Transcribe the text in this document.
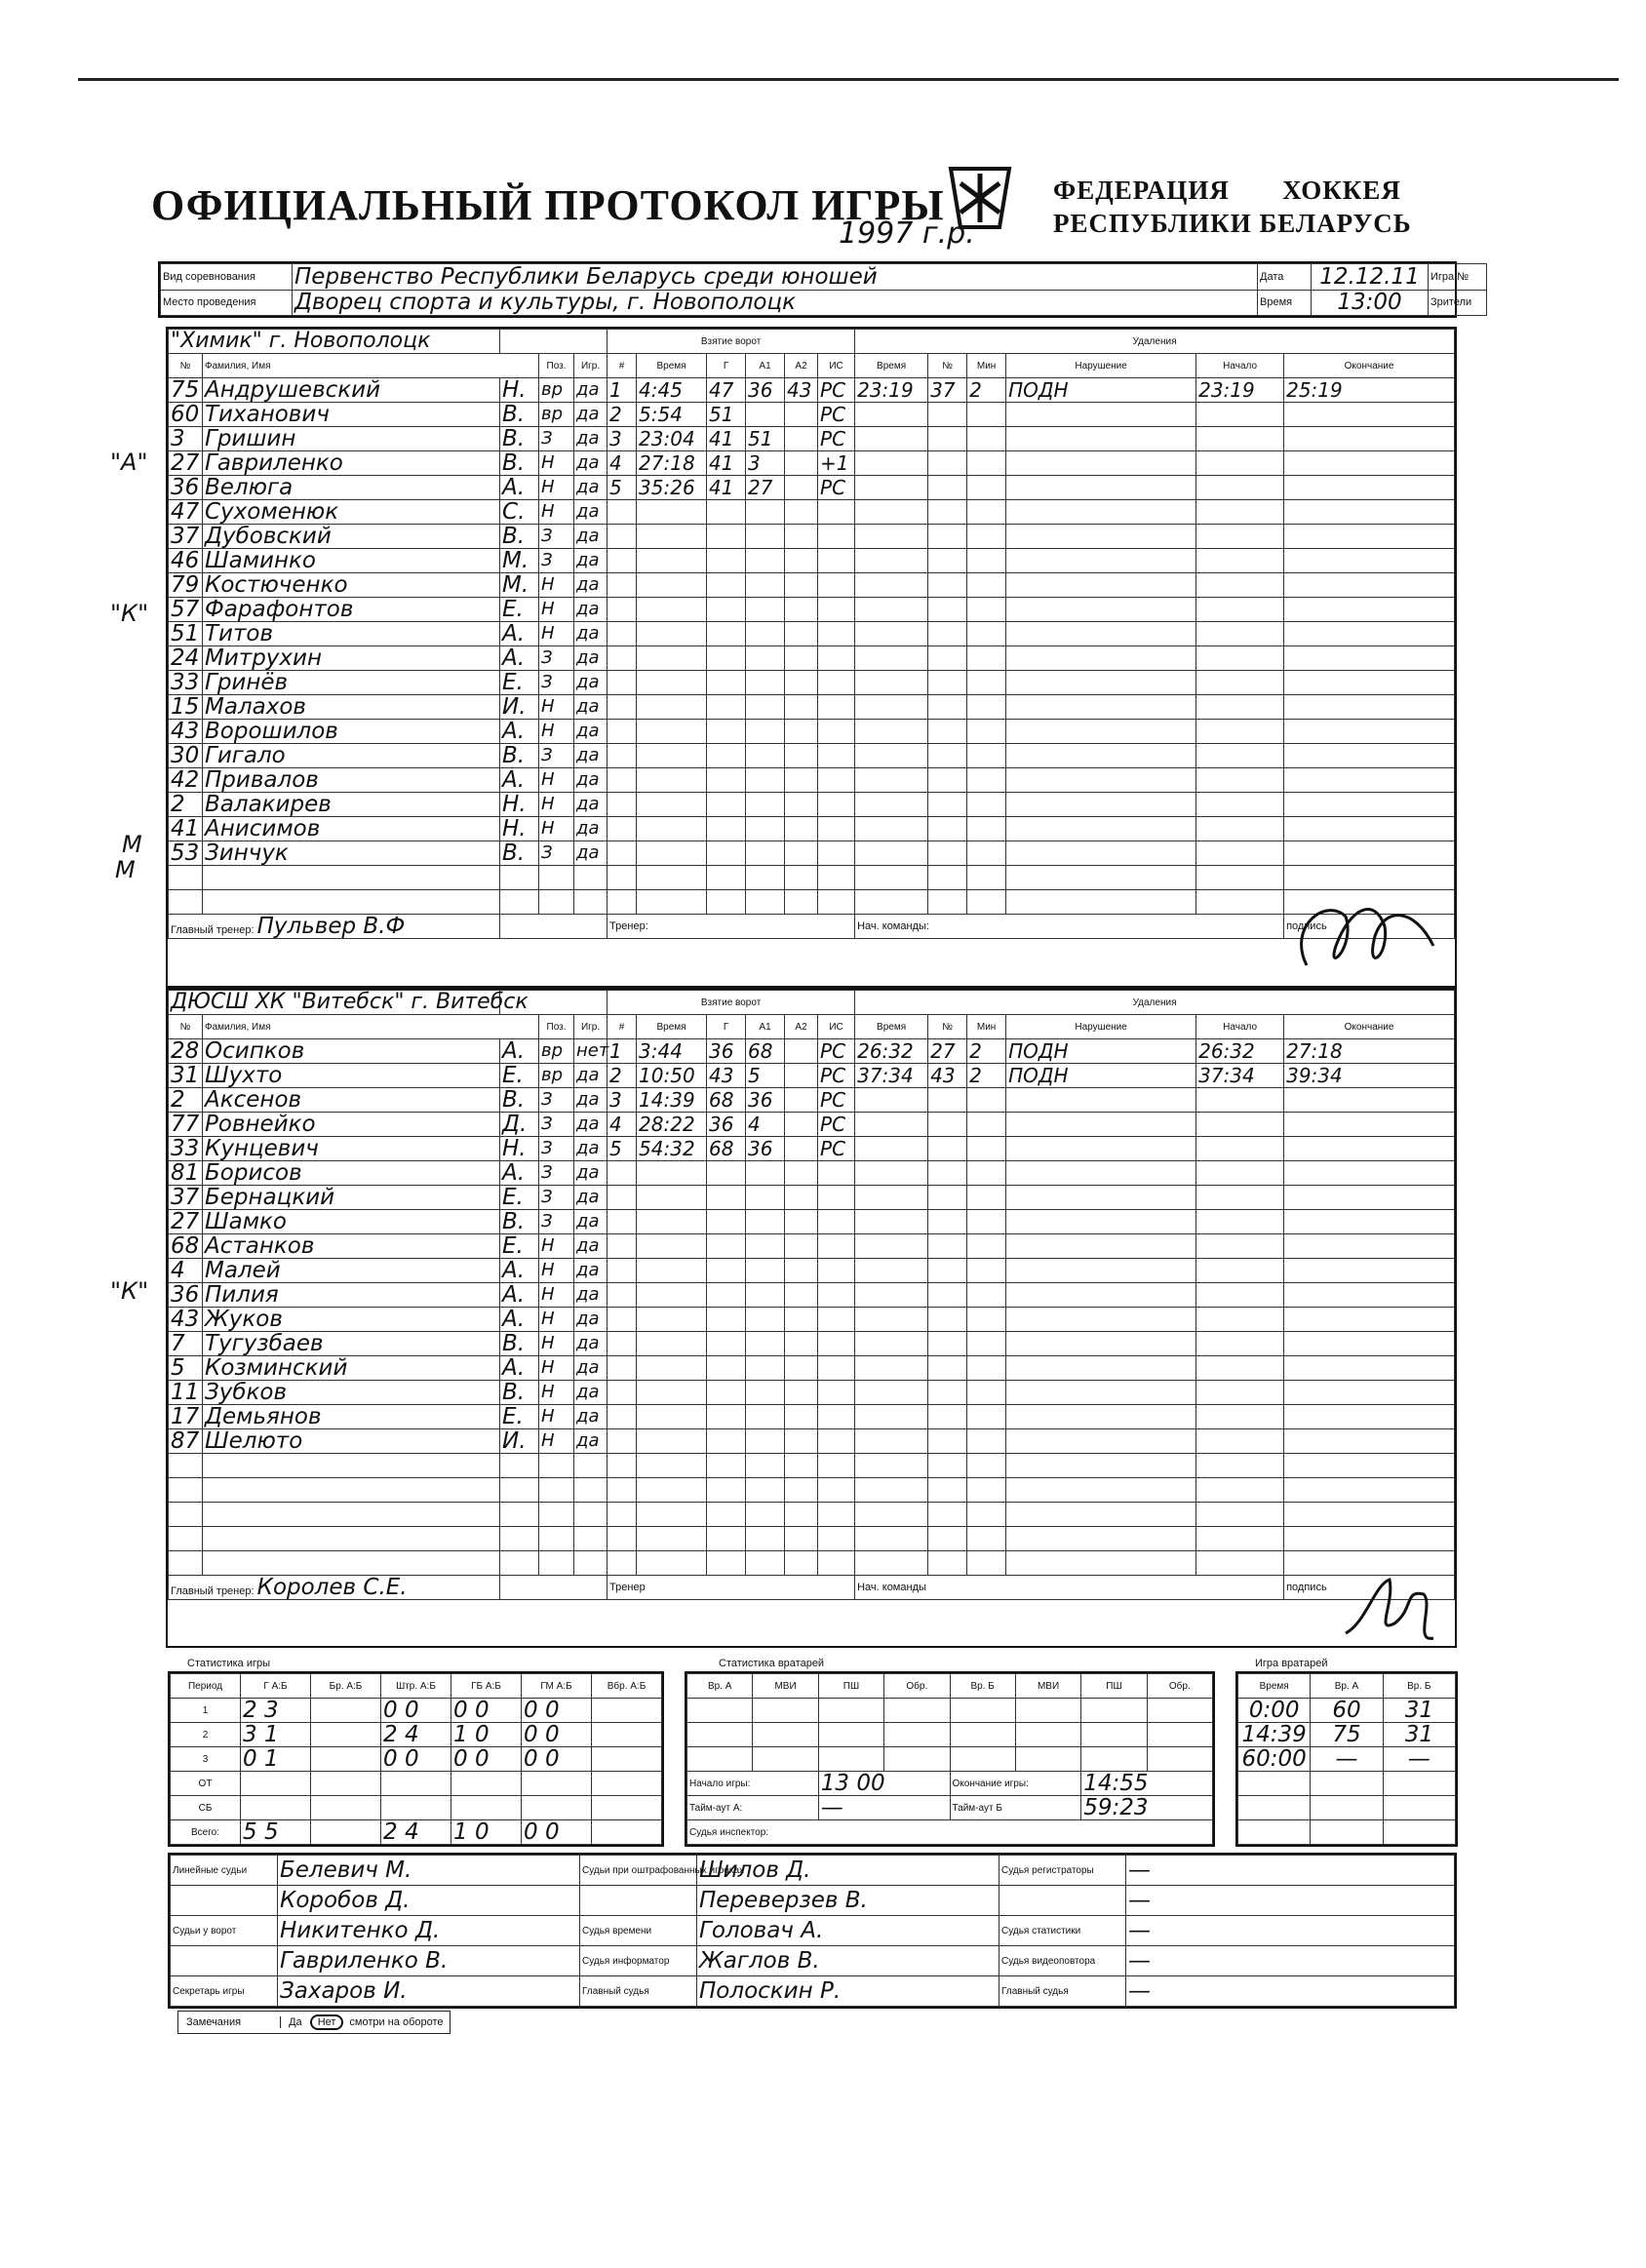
ОФИЦИАЛЬНЫЙ ПРОТОКОЛ ИГРЫ
1997 г.р.
ФЕДЕРАЦИЯ ХОККЕЯ
РЕСПУБЛИКИ БЕЛАРУСЬ
Вид соревнования	Первенство Республики Беларусь среди юношей	Дата	12.12.11	Игра №	
Место проведения	Дворец спорта и культуры, г. Новополоцк	Время	13:00	Зрители	
"Химик" г. Новополоцк					Взятие ворот						Удаления					
№	Фамилия, Имя		Поз.	Игр.	#	Время	Г	А1	А2	ИС	Время	№	Мин	Нарушение	Начало	Окончание
75	Андрушевский	Н.	вр	да	1	4:45	47	36	43	РС	23:19	37	2	ПОДН	23:19	25:19
60	Тиханович	В.	вр	да	2	5:54	51			РС						
3	Гришин	В.	З	да	3	23:04	41	51		РС						
27	Гавриленко	В.	Н	да	4	27:18	41	3		+1						
36	Велюга	А.	Н	да	5	35:26	41	27		РС						
47	Сухоменюк	С.	Н	да												
37	Дубовский	В.	З	да												
46	Шаминко	М.	З	да												
79	Костюченко	М.	Н	да												
57	Фарафонтов	Е.	Н	да												
51	Титов	А.	Н	да												
24	Митрухин	А.	З	да												
33	Гринёв	Е.	З	да												
15	Малахов	И.	Н	да												
43	Ворошилов	А.	Н	да												
30	Гигало	В.	З	да												
42	Привалов	А.	Н	да												
2	Валакирев	Н.	Н	да												
41	Анисимов	Н.	Н	да												
53	Зинчук	В.	З	да												

Главный тренер: Пульвер В.Ф					Тренер:						Нач. команды:					подпись
"А"
"К"
М
М
ДЮСШ ХК "Витебск" г. Витебск					Взятие ворот						Удаления					
№	Фамилия, Имя		Поз.	Игр.	#	Время	Г	А1	А2	ИС	Время	№	Мин	Нарушение	Начало	Окончание
28	Осипков	А.	вр	нет	1	3:44	36	68		РС	26:32	27	2	ПОДН	26:32	27:18
31	Шухто	Е.	вр	да	2	10:50	43	5		РС	37:34	43	2	ПОДН	37:34	39:34
2	Аксенов	В.	З	да	3	14:39	68	36		РС						
77	Ровнейко	Д.	З	да	4	28:22	36	4		РС						
33	Кунцевич	Н.	З	да	5	54:32	68	36		РС						
81	Борисов	А.	З	да												
37	Бернацкий	Е.	З	да												
27	Шамко	В.	З	да												
68	Астанков	Е.	Н	да												
4	Малей	А.	Н	да												
36	Пилия	А.	Н	да												
43	Жуков	А.	Н	да												
7	Тугузбаев	В.	Н	да												
5	Козминский	А.	Н	да												
11	Зубков	В.	Н	да												
17	Демьянов	Е.	Н	да												
87	Шелюто	И.	Н	да												

Главный тренер: Королев С.Е.					Тренер						Нач. команды					подпись
"К"
Статистика игры	Статистика вратарей	Игра вратарей
Период	Г А:Б	Бр. А:Б	Штр. А:Б	ГБ А:Б	ГМ А:Б	Вбр. А:Б
1	2 3		0 0	0 0	0 0	
2	3 1		2 4	1 0	0 0	
3	0 1		0 0	0 0	0 0	
ОТ						
СБ						
Всего:	5 5		2 4	1 0	0 0	
Вр. А	МВИ	ПШ	Обр.	Вр. Б	МВИ	ПШ	Обр.

Начало игры:		13 00		Окончание игры:		14:55	
Тайм-аут А:		—		Тайм-аут Б		59:23	
Судья инспектор:							
Время	Вр. А	Вр. Б
0:00	60	31
14:39	75	31
60:00	—	—

Линейные судьи	Белевич М.	Судьи при оштрафованных игроках	Шилов Д.	Судья регистраторы	—
	Коробов Д.		Переверзев В.		—
Судьи у ворот	Никитенко Д.	Судья времени	Головач А.	Судья статистики	—
	Гавриленко В.	Судья информатор	Жаглов В.	Судья видеоповтора	—
Секретарь игры	Захаров И.	Главный судья	Полоскин Р.	Главный судья	—
Замечания	Да	Нет	смотри на обороте
